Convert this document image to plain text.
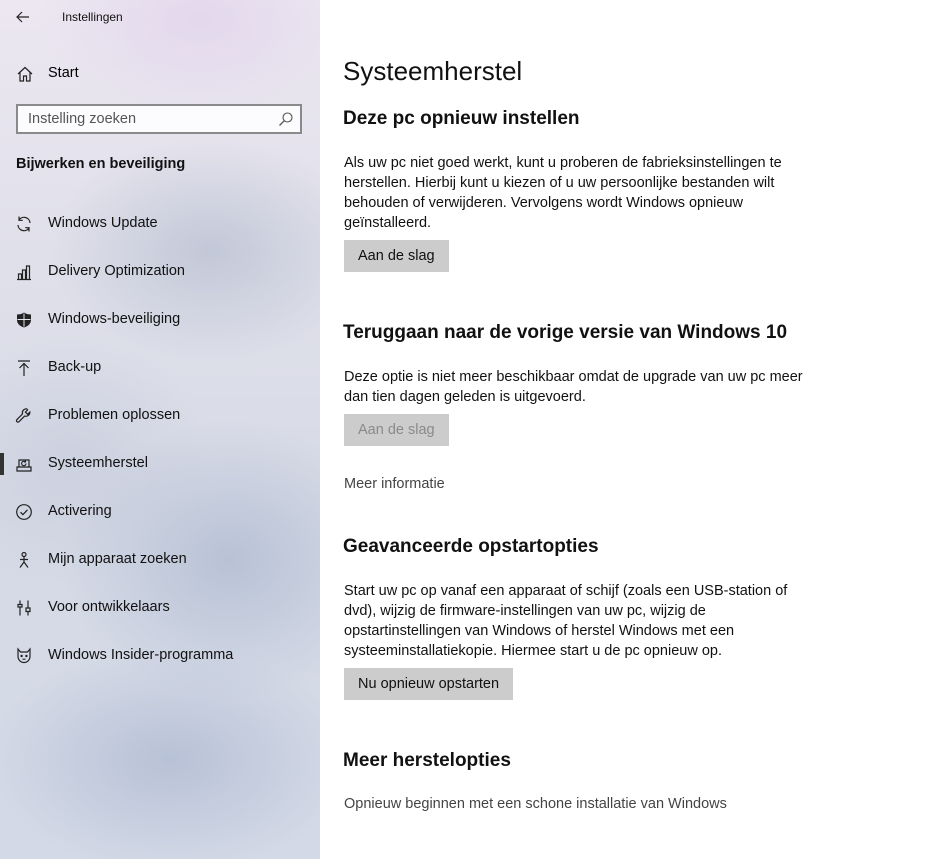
Instellingen
Start
Instelling zoeken
Bijwerken en beveiliging
Windows Update
Delivery Optimization
Windows-beveiliging
Back-up
Problemen oplossen
Systeemherstel
Activering
Mijn apparaat zoeken
Voor ontwikkelaars
Windows Insider-programma
Systeemherstel
Deze pc opnieuw instellen

Als uw pc niet goed werkt, kunt u proberen de fabrieksinstellingen te herstellen. Hierbij kunt u kiezen of u uw persoonlijke bestanden wilt behouden of verwijderen. Vervolgens wordt Windows opnieuw geïnstalleerd.

Aan de slag
Teruggaan naar de vorige versie van Windows 10

Deze optie is niet meer beschikbaar omdat de upgrade van uw pc meer dan tien dagen geleden is uitgevoerd.

Aan de slag
Meer informatie
Geavanceerde opstartopties

Start uw pc op vanaf een apparaat of schijf (zoals een USB-station of dvd), wijzig de firmware-instellingen van uw pc, wijzig de opstartinstellingen van Windows of herstel Windows met een systeeminstallatiekopie. Hiermee start u de pc opnieuw op.

Nu opnieuw opstarten
Meer herstelopties
Opnieuw beginnen met een schone installatie van Windows
